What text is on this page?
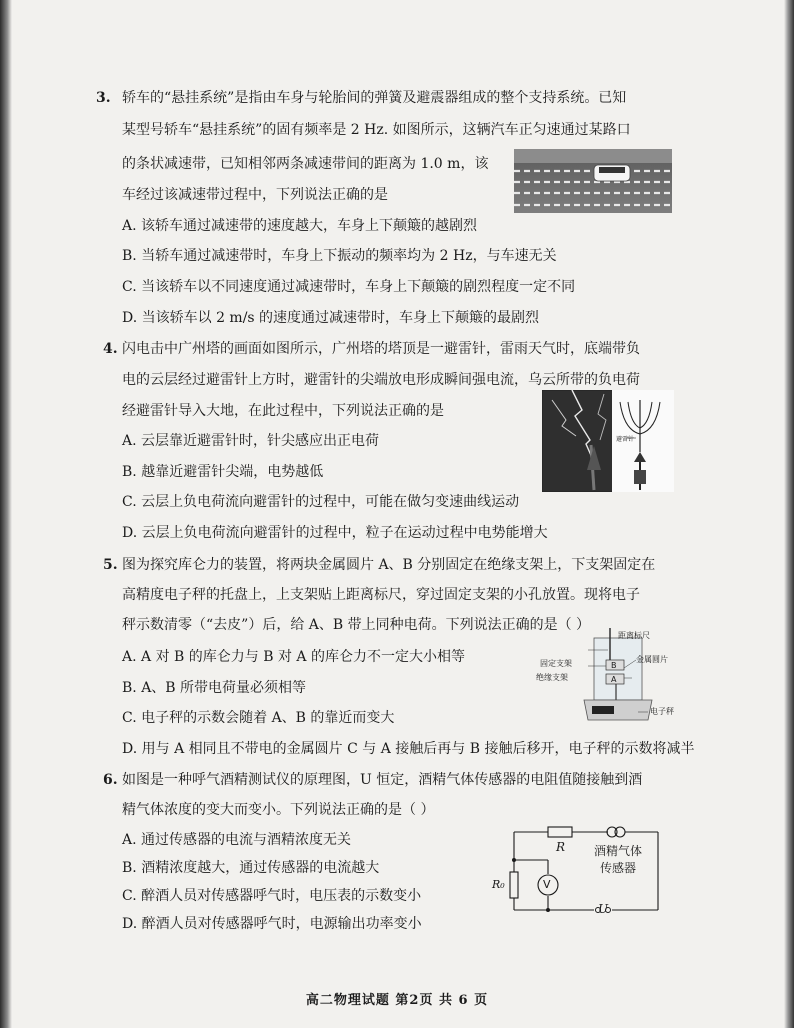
3. 轿车的“悬挂系统”是指由车身与轮胎间的弹簧及避震器组成的整个支持系统。已知
某型号轿车“悬挂系统”的固有频率是 2 Hz. 如图所示，这辆汽车正匀速通过某路口
的条状减速带，已知相邻两条减速带间的距离为 1.0 m，该
车经过该减速带过程中，下列说法正确的是
A. 该轿车通过减速带的速度越大，车身上下颠簸的越剧烈
B. 当轿车通过减速带时，车身上下振动的频率均为 2 Hz，与车速无关
C. 当该轿车以不同速度通过减速带时，车身上下颠簸的剧烈程度一定不同
D. 当该轿车以 2 m/s 的速度通过减速带时，车身上下颠簸的最剧烈
4. 闪电击中广州塔的画面如图所示，广州塔的塔顶是一避雷针，雷雨天气时，底端带负
电的云层经过避雷针上方时，避雷针的尖端放电形成瞬间强电流，乌云所带的负电荷
经避雷针导入大地，在此过程中，下列说法正确的是
A. 云层靠近避雷针时，针尖感应出正电荷
B. 越靠近避雷针尖端，电势越低
C. 云层上负电荷流向避雷针的过程中，可能在做匀变速曲线运动
D. 云层上负电荷流向避雷针的过程中，粒子在运动过程中电势能增大
避雷针
5. 图为探究库仑力的装置，将两块金属圆片 A、B 分别固定在绝缘支架上，下支架固定在
高精度电子秤的托盘上，上支架贴上距离标尺，穿过固定支架的小孔放置。现将电子
秤示数清零（“去皮”）后，给 A、B 带上同种电荷。下列说法正确的是（ ）
A. A 对 B 的库仑力与 B 对 A 的库仑力不一定大小相等
B. A、B 所带电荷量必须相等
C. 电子秤的示数会随着 A、B 的靠近而变大
D. 用与 A 相同且不带电的金属圆片 C 与 A 接触后再与 B 接触后移开，电子秤的示数将减半
距离标尺
固定支架	金属圆片
绝缘支架
电子秤
B
A
6. 如图是一种呼气酒精测试仪的原理图，U 恒定，酒精气体传感器的电阻值随接触到酒
精气体浓度的变大而变小。下列说法正确的是（ ）
A. 通过传感器的电流与酒精浓度无关
B. 酒精浓度越大，通过传感器的电流越大
C. 醉酒人员对传感器呼气时，电压表的示数变小
D. 醉酒人员对传感器呼气时，电源输出功率变小
R
R₀	V
U
酒精气体
传感器
高二物理试题 第2页 共 6 页
